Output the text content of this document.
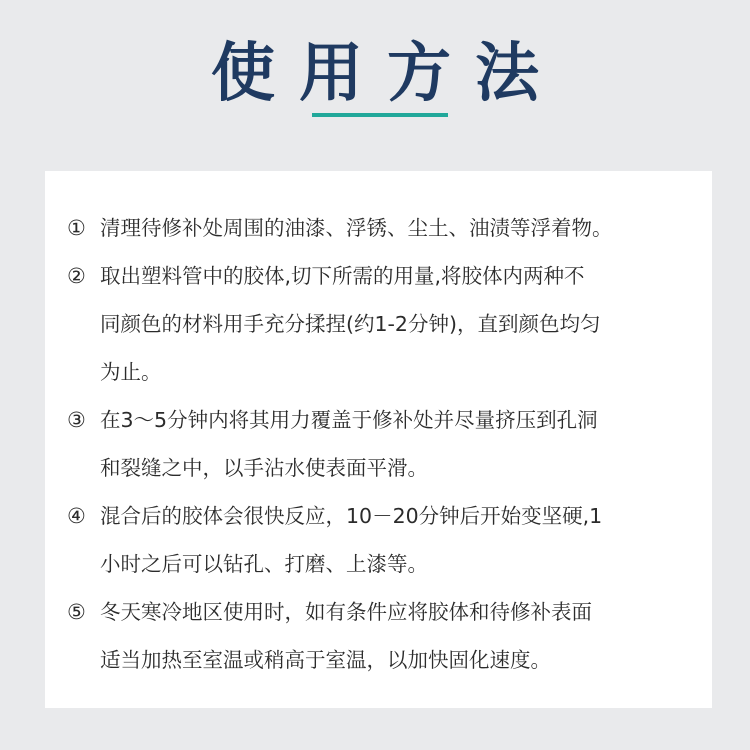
使用方法
① 清理待修补处周围的油漆、浮锈、尘土、油渍等浮着物。
② 取出塑料管中的胶体,切下所需的用量,将胶体内两种不
同颜色的材料用手充分揉捏(约1-2分钟)，直到颜色均匀
为止。
③ 在3～5分钟内将其用力覆盖于修补处并尽量挤压到孔洞
和裂缝之中，以手沾水使表面平滑。
④ 混合后的胶体会很快反应，10－20分钟后开始变坚硬,1
小时之后可以钻孔、打磨、上漆等。
⑤ 冬天寒冷地区使用时，如有条件应将胶体和待修补表面
适当加热至室温或稍高于室温，以加快固化速度。
